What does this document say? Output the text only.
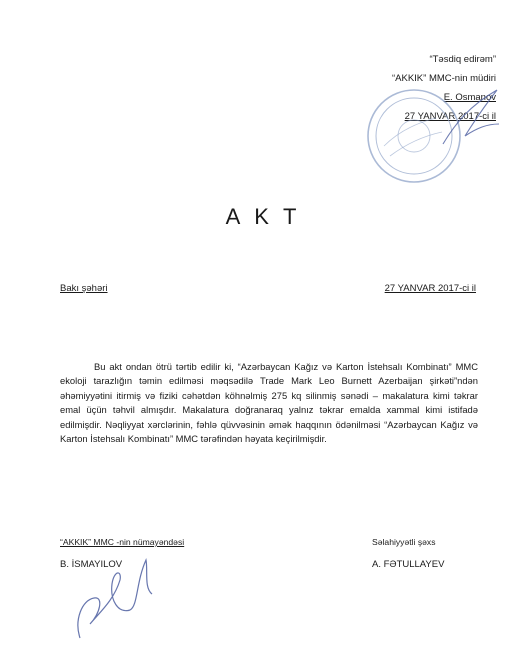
“Təsdiq edirəm”
“AKKIK” MMC-nin müdiri
E. Osmanov
27 YANVAR 2017-ci il
AKT
Bakı şəhəri	27 YANVAR 2017-ci il
Bu akt ondan ötrü tərtib edilir ki, “Azərbaycan Kağız və Karton İstehsalı Kombinatı” MMC ekoloji tarazlığın təmin edilməsi məqsədilə Trade Mark Leo Burnett Azerbaijan şirkəti”ndən əhəmiyyətini itirmiş və fiziki cəhətdən köhnəlmiş 275 kq silinmiş sənədi – makalatura kimi təkrar emal üçün təhvil almışdır. Makalatura doğranaraq yalnız təkrar emalda xammal kimi istifadə edilmişdir. Nəqliyyat xərclərinin, fəhlə qüvvəsinin əmək haqqının ödənilməsi “Azərbaycan Kağız və Karton İstehsalı Kombinatı” MMC tərəfindən həyata keçirilmişdir.
“AKKIK” MMC -nin nümayəndəsi
B. İSMAYILOV
Səlahiyyətli şəxs
A. FƏTULLAYEV
